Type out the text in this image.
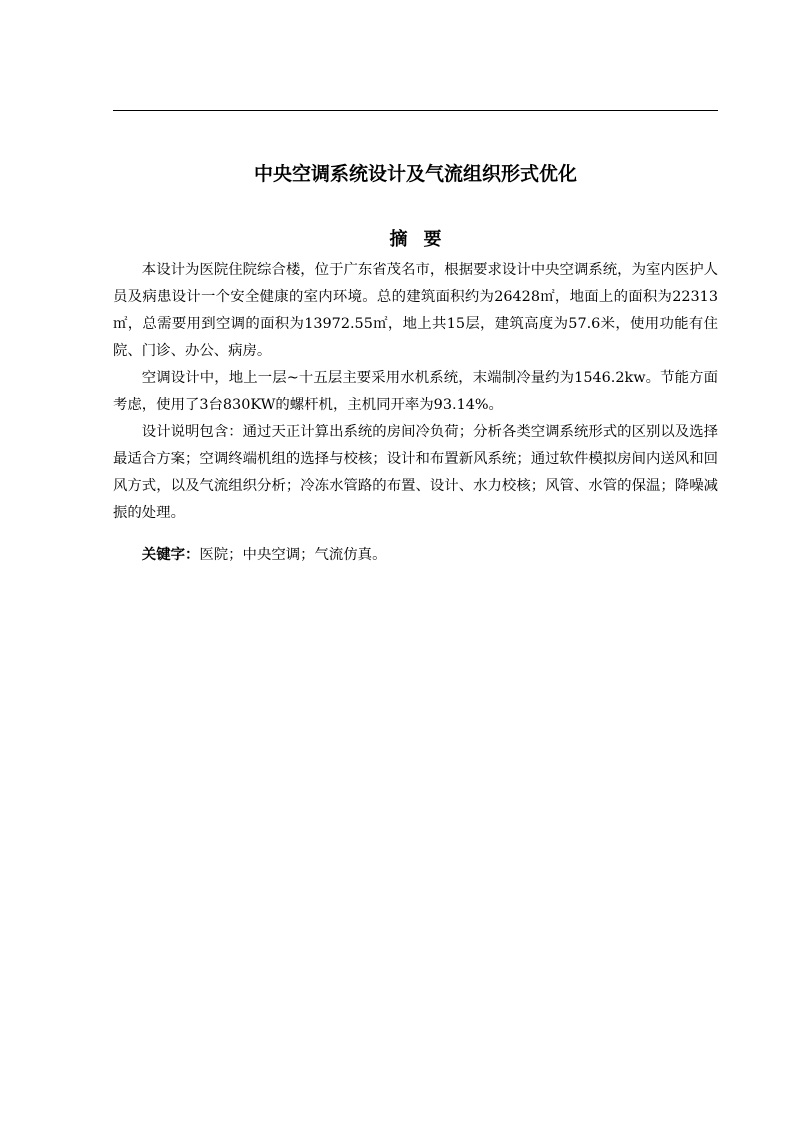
中央空调系统设计及气流组织形式优化
摘要

本设计为医院住院综合楼，位于广东省茂名市，根据要求设计中央空调系统，为室内医护人员及病患设计一个安全健康的室内环境。总的建筑面积约为26428㎡，地面上的面积为22313㎡，总需要用到空调的面积为13972.55㎡，地上共15层，建筑高度为57.6米，使用功能有住院、门诊、办公、病房。

空调设计中，地上一层~十五层主要采用水机系统，末端制冷量约为1546.2kw。节能方面考虑，使用了3台830KW的螺杆机，主机同开率为93.14%。

设计说明包含：通过天正计算出系统的房间冷负荷；分析各类空调系统形式的区别以及选择最适合方案；空调终端机组的选择与校核；设计和布置新风系统；通过软件模拟房间内送风和回风方式，以及气流组织分析；冷冻水管路的布置、设计、水力校核；风管、水管的保温；降噪减振的处理。

关键字：医院；中央空调；气流仿真。
